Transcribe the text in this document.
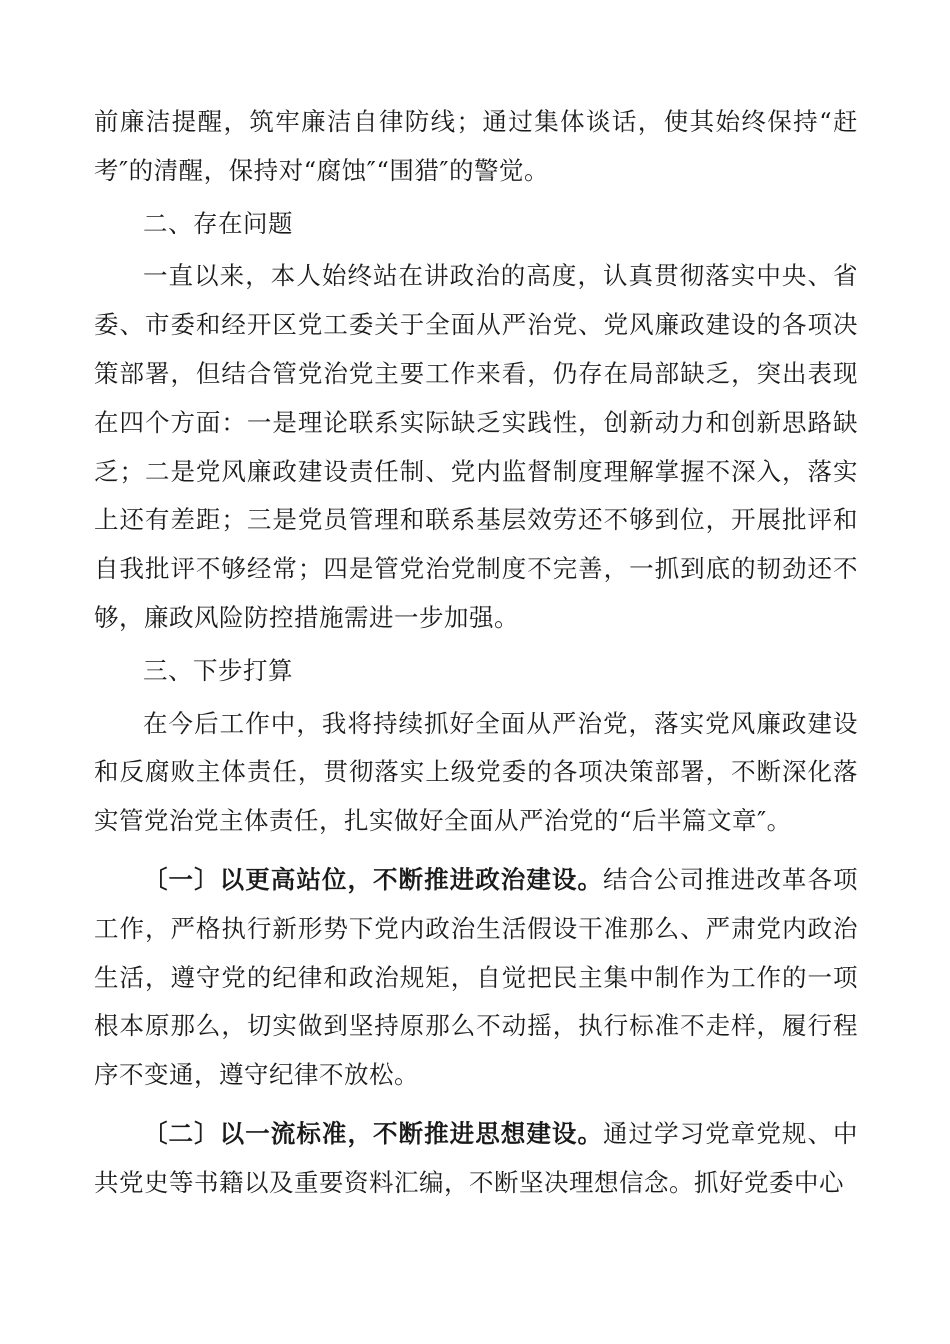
前廉洁提醒，筑牢廉洁自律防线；通过集体谈话，使其始终保持“赶考″的清醒，保持对“腐蚀″“围猎″的警觉。

二、存在问题

一直以来，本人始终站在讲政治的高度，认真贯彻落实中央、省委、市委和经开区党工委关于全面从严治党、党风廉政建设的各项决策部署，但结合管党治党主要工作来看，仍存在局部缺乏，突出表现在四个方面：一是理论联系实际缺乏实践性，创新动力和创新思路缺乏；二是党风廉政建设责任制、党内监督制度理解掌握不深入，落实上还有差距；三是党员管理和联系基层效劳还不够到位，开展批评和自我批评不够经常；四是管党治党制度不完善，一抓到底的韧劲还不够，廉政风险防控措施需进一步加强。

三、下步打算

在今后工作中，我将持续抓好全面从严治党，落实党风廉政建设和反腐败主体责任，贯彻落实上级党委的各项决策部署，不断深化落实管党治党主体责任，扎实做好全面从严治党的“后半篇文章″。

〔一〕以更高站位，不断推进政治建设。结合公司推进改革各项工作，严格执行新形势下党内政治生活假设干准那么、严肃党内政治生活，遵守党的纪律和政治规矩，自觉把民主集中制作为工作的一项根本原那么，切实做到坚持原那么不动摇，执行标准不走样，履行程序不变通，遵守纪律不放松。

〔二〕以一流标准，不断推进思想建设。通过学习党章党规、中共党史等书籍以及重要资料汇编，不断坚决理想信念。抓好党委中心
